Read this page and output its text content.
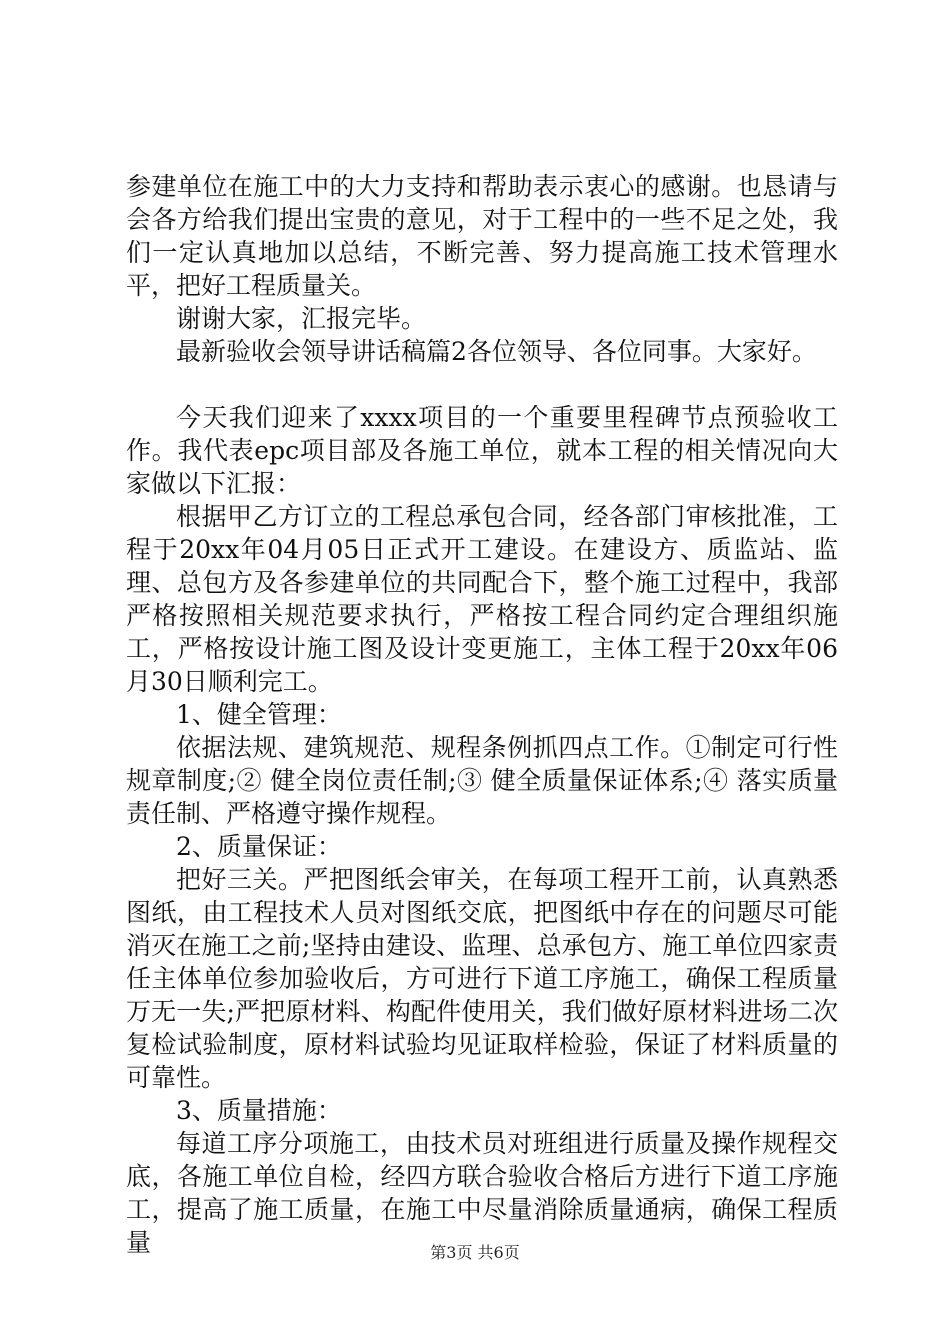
参建单位在施工中的大力支持和帮助表示衷心的感谢。也恳请与会各方给我们提出宝贵的意见，对于工程中的一些不足之处，我们一定认真地加以总结，不断完善、努力提高施工技术管理水平，把好工程质量关。

谢谢大家，汇报完毕。

最新验收会领导讲话稿篇2各位领导、各位同事。大家好。

今天我们迎来了xxxx项目的一个重要里程碑节点预验收工作。我代表epc项目部及各施工单位，就本工程的相关情况向大家做以下汇报：

根据甲乙方订立的工程总承包合同，经各部门审核批准，工程于20xx年04月05日正式开工建设。在建设方、质监站、监理、总包方及各参建单位的共同配合下，整个施工过程中，我部严格按照相关规范要求执行，严格按工程合同约定合理组织施工，严格按设计施工图及设计变更施工，主体工程于20xx年06月30日顺利完工。

1、健全管理：

依据法规、建筑规范、规程条例抓四点工作。①制定可行性规章制度;② 健全岗位责任制;③ 健全质量保证体系;④ 落实质量责任制、严格遵守操作规程。

2、质量保证：

把好三关。严把图纸会审关，在每项工程开工前，认真熟悉图纸，由工程技术人员对图纸交底，把图纸中存在的问题尽可能消灭在施工之前;坚持由建设、监理、总承包方、施工单位四家责任主体单位参加验收后，方可进行下道工序施工，确保工程质量万无一失;严把原材料、构配件使用关，我们做好原材料进场二次复检试验制度，原材料试验均见证取样检验，保证了材料质量的可靠性。

3、质量措施：

每道工序分项施工，由技术员对班组进行质量及操作规程交底，各施工单位自检，经四方联合验收合格后方进行下道工序施工，提高了施工质量，在施工中尽量消除质量通病，确保工程质量	第3页 共6页
